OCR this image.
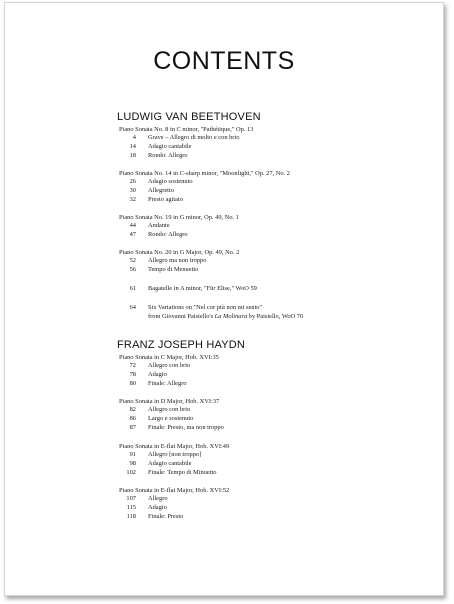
CONTENTS
LUDWIG VAN BEETHOVEN
Piano Sonata No. 8 in C minor, "Pathétique," Op. 13
4 Grave – Allegro di molto e con brio
14 Adagio cantabile
18 Rondo: Allegro
Piano Sonata No. 14 in C-sharp minor, "Moonlight," Op. 27, No. 2
26 Adagio sostenuto
30 Allegretto
32 Presto agitato
Piano Sonata No. 19 in G minor, Op. 49, No. 1
44 Andante
47 Rondo: Allegro
Piano Sonata No. 20 in G Major, Op. 49, No. 2
52 Allegro ma non troppo
56 Tempo di Menuetto
61 Bagatelle in A minor, "Für Elise," WoO 59
64 Six Variations on "Nel cor più non mi sento"
from Giovanni Paisiello's La Molinara by Paisiello, WoO 70
FRANZ JOSEPH HAYDN
Piano Sonata in C Major, Hob. XVI:35
72 Allegro con brio
78 Adagio
80 Finale: Allegro
Piano Sonata in D Major, Hob. XVI:37
82 Allegro con brio
86 Largo e sostenuto
87 Finale: Presto, ma non troppo
Piano Sonata in E-flat Major, Hob. XVI:49
91 Allegro [non troppo]
98 Adagio cantabile
102 Finale: Tempo di Minuetto
Piano Sonata in E-flat Major, Hob. XVI:52
107 Allegro
115 Adagio
118 Finale: Presto
